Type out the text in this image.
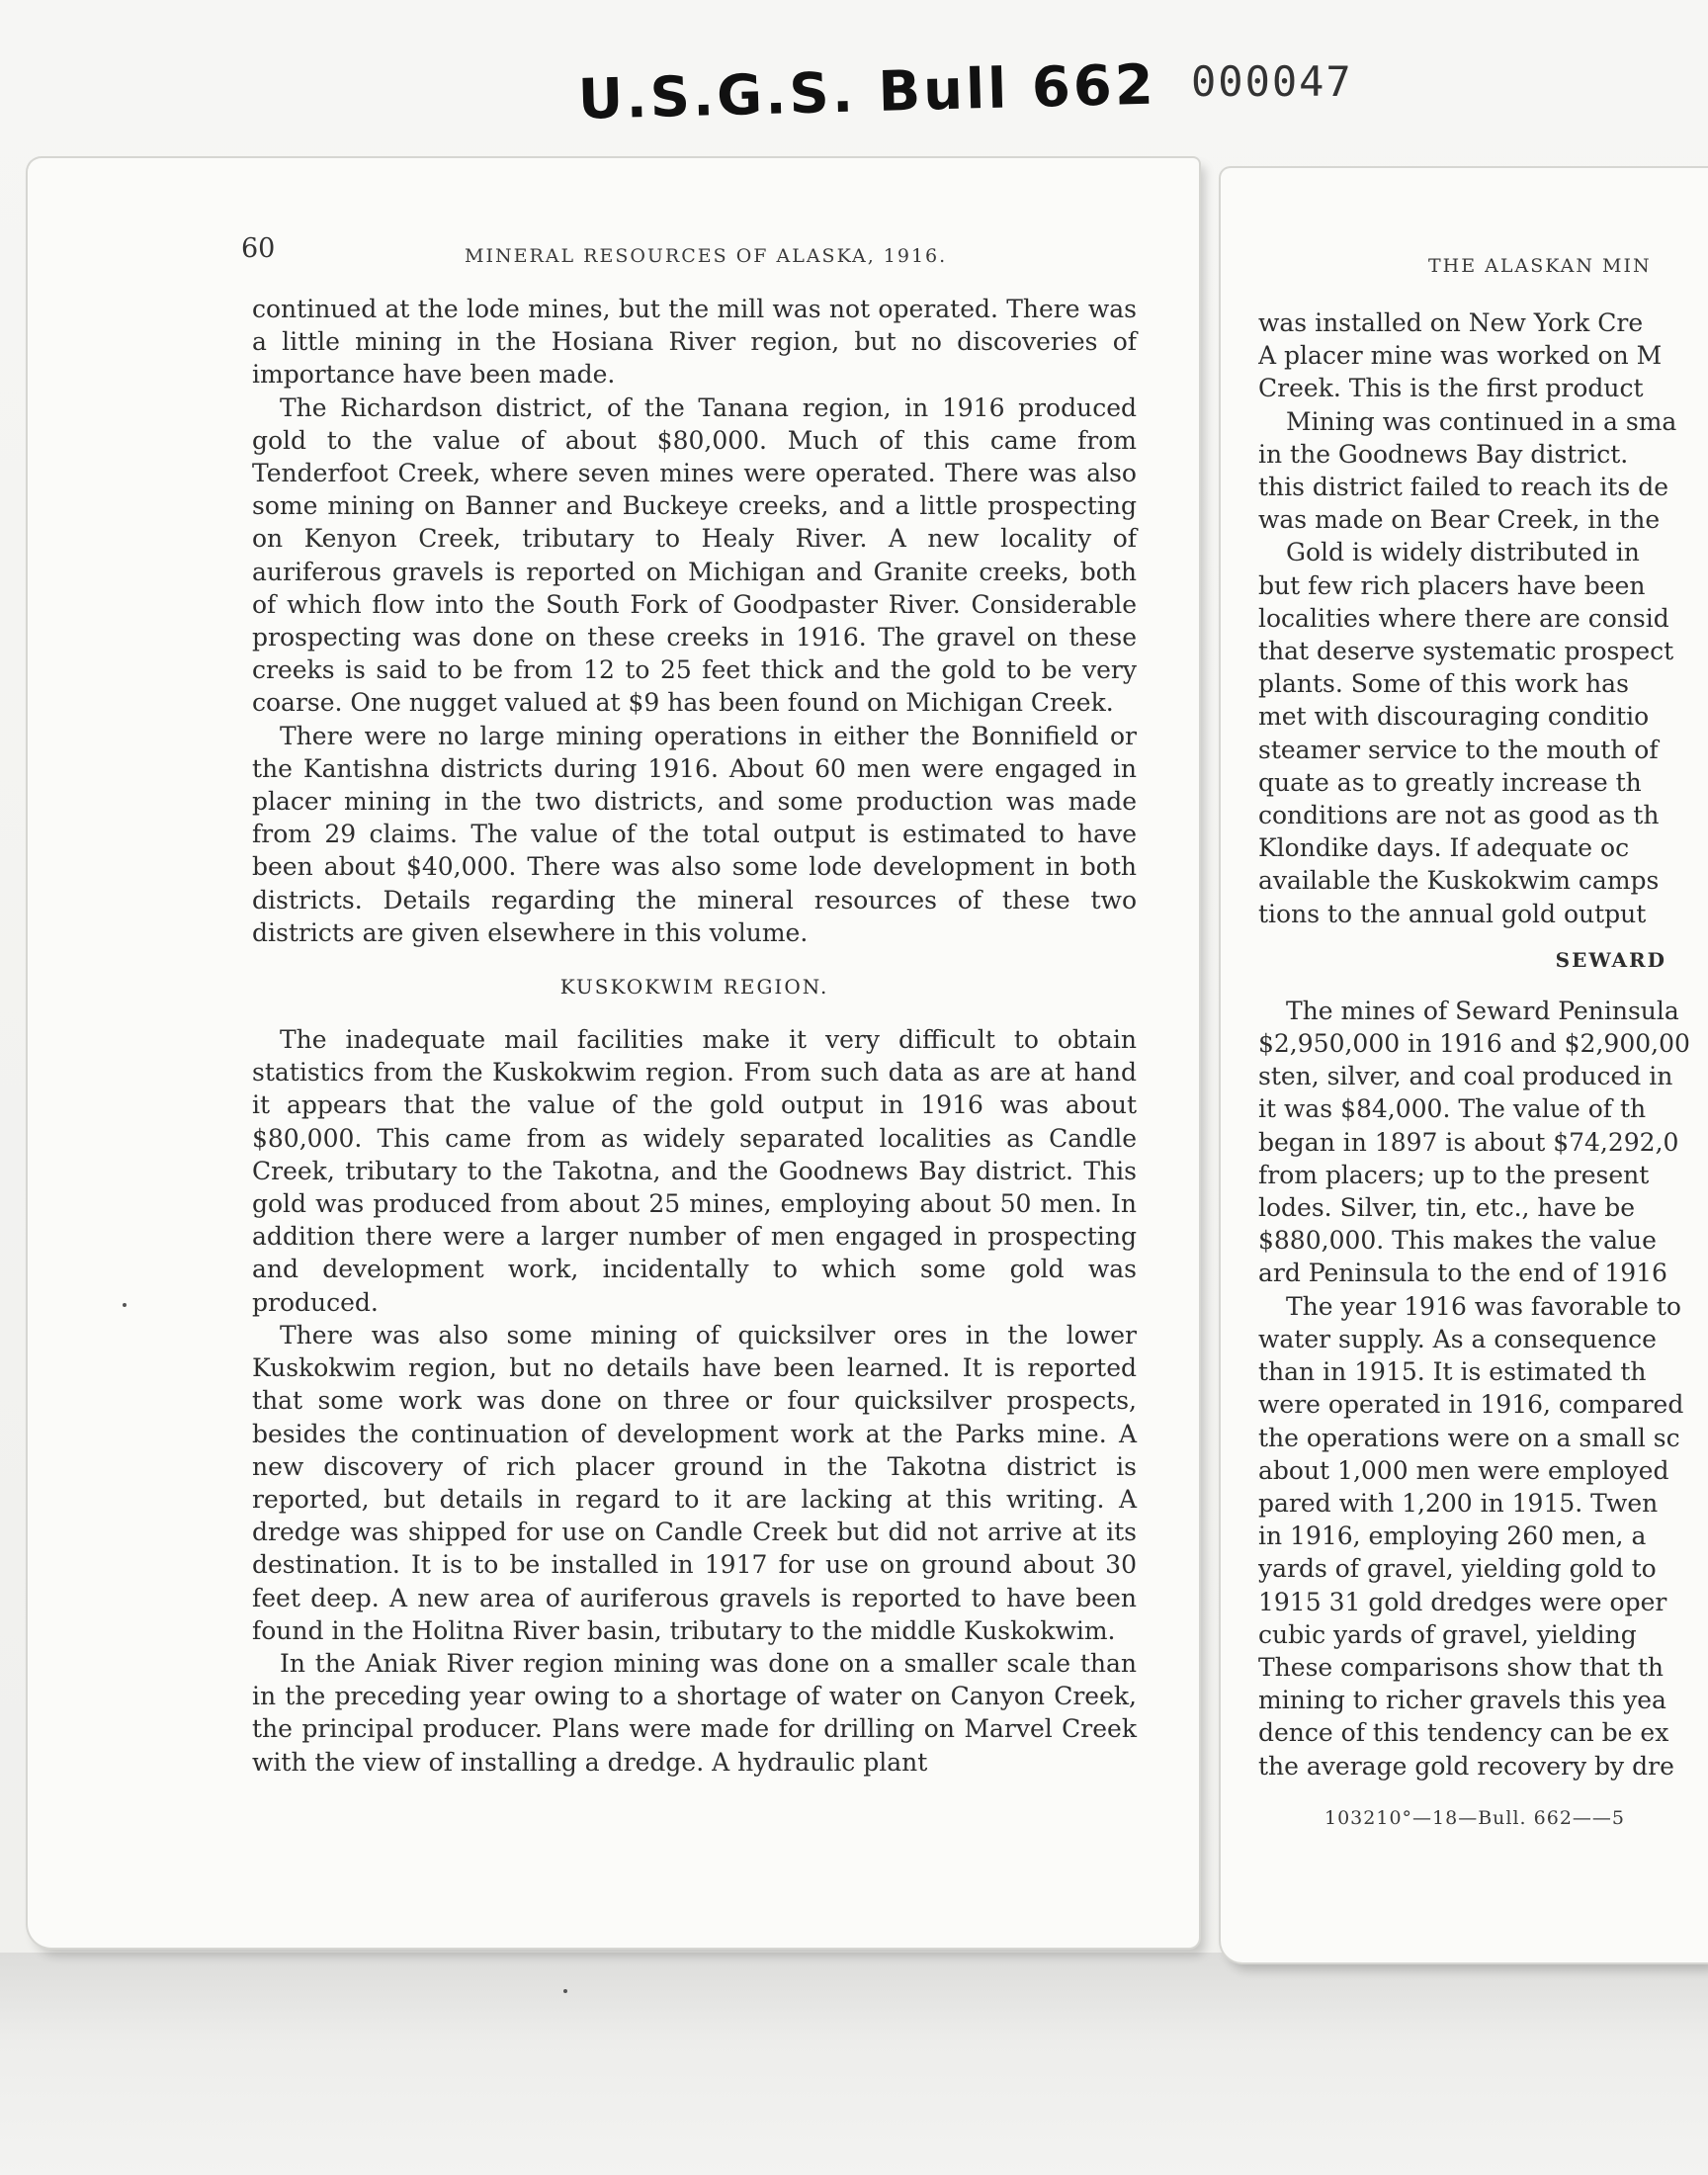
U.S.G.S. Bull 662 000047
60	MINERAL RESOURCES OF ALASKA, 1916.

continued at the lode mines, but the mill was not operated. There was a little mining in the Hosiana River region, but no discoveries of importance have been made.

The Richardson district, of the Tanana region, in 1916 produced gold to the value of about $80,000. Much of this came from Tenderfoot Creek, where seven mines were operated. There was also some mining on Banner and Buckeye creeks, and a little prospecting on Kenyon Creek, tributary to Healy River. A new locality of auriferous gravels is reported on Michigan and Granite creeks, both of which flow into the South Fork of Goodpaster River. Considerable prospecting was done on these creeks in 1916. The gravel on these creeks is said to be from 12 to 25 feet thick and the gold to be very coarse. One nugget valued at $9 has been found on Michigan Creek.

There were no large mining operations in either the Bonnifield or the Kantishna districts during 1916. About 60 men were engaged in placer mining in the two districts, and some production was made from 29 claims. The value of the total output is estimated to have been about $40,000. There was also some lode development in both districts. Details regarding the mineral resources of these two districts are given elsewhere in this volume.

KUSKOKWIM REGION.

The inadequate mail facilities make it very difficult to obtain statistics from the Kuskokwim region. From such data as are at hand it appears that the value of the gold output in 1916 was about $80,000. This came from as widely separated localities as Candle Creek, tributary to the Takotna, and the Goodnews Bay district. This gold was produced from about 25 mines, employing about 50 men. In addition there were a larger number of men engaged in prospecting and development work, incidentally to which some gold was produced.

There was also some mining of quicksilver ores in the lower Kuskokwim region, but no details have been learned. It is reported that some work was done on three or four quicksilver prospects, besides the continuation of development work at the Parks mine. A new discovery of rich placer ground in the Takotna district is reported, but details in regard to it are lacking at this writing. A dredge was shipped for use on Candle Creek but did not arrive at its destination. It is to be installed in 1917 for use on ground about 30 feet deep. A new area of auriferous gravels is reported to have been found in the Holitna River basin, tributary to the middle Kuskokwim.

In the Aniak River region mining was done on a smaller scale than in the preceding year owing to a shortage of water on Canyon Creek, the principal producer. Plans were made for drilling on Marvel Creek with the view of installing a dredge. A hydraulic plant

THE ALASKAN MIN
was installed on New York Cre
A placer mine was worked on M
Creek. This is the first product
Mining was continued in a sma
in the Goodnews Bay district.
this district failed to reach its de
was made on Bear Creek, in the
Gold is widely distributed in
but few rich placers have been
localities where there are consid
that deserve systematic prospect
plants. Some of this work has
met with discouraging conditio
steamer service to the mouth of
quate as to greatly increase th
conditions are not as good as th
Klondike days. If adequate oc
available the Kuskokwim camps
tions to the annual gold output
SEWARD
The mines of Seward Peninsula
$2,950,000 in 1916 and $2,900,00
sten, silver, and coal produced in
it was $84,000. The value of th
began in 1897 is about $74,292,0
from placers; up to the present
lodes. Silver, tin, etc., have be
$880,000. This makes the value
ard Peninsula to the end of 1916
The year 1916 was favorable to
water supply. As a consequence
than in 1915. It is estimated th
were operated in 1916, compared
the operations were on a small sc
about 1,000 men were employed
pared with 1,200 in 1915. Twen
in 1916, employing 260 men, a
yards of gravel, yielding gold to
1915 31 gold dredges were oper
cubic yards of gravel, yielding
These comparisons show that th
mining to richer gravels this yea
dence of this tendency can be ex
the average gold recovery by dre
103210°—18—Bull. 662——5
